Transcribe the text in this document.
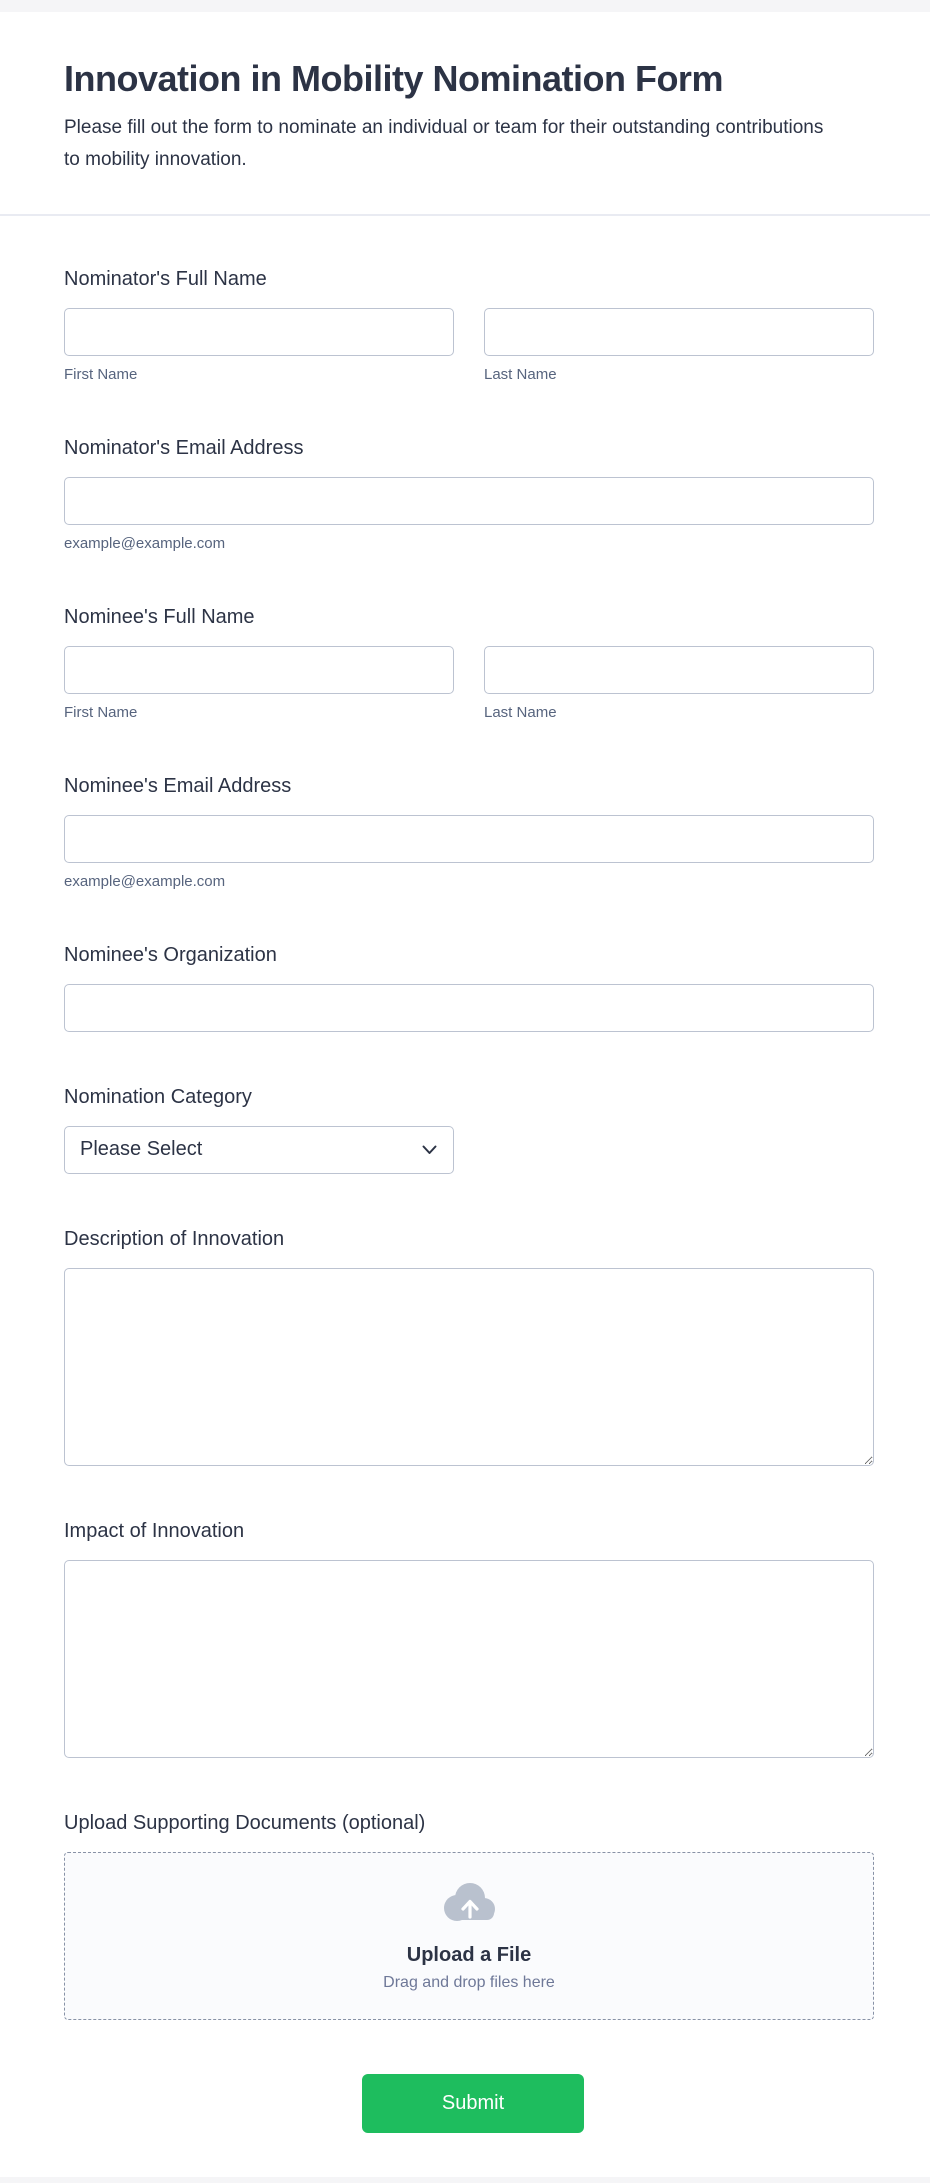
Innovation in Mobility Nomination Form
Please fill out the form to nominate an individual or team for their outstanding contributions to mobility innovation.
Nominator's Full Name
First Name	Last Name
Nominator's Email Address
example@example.com
Nominee's Full Name
First Name	Last Name
Nominee's Email Address
example@example.com
Nominee's Organization
Nomination Category
Please Select
Description of Innovation
Impact of Innovation
Upload Supporting Documents (optional)
Upload a File
Drag and drop files here
Submit
